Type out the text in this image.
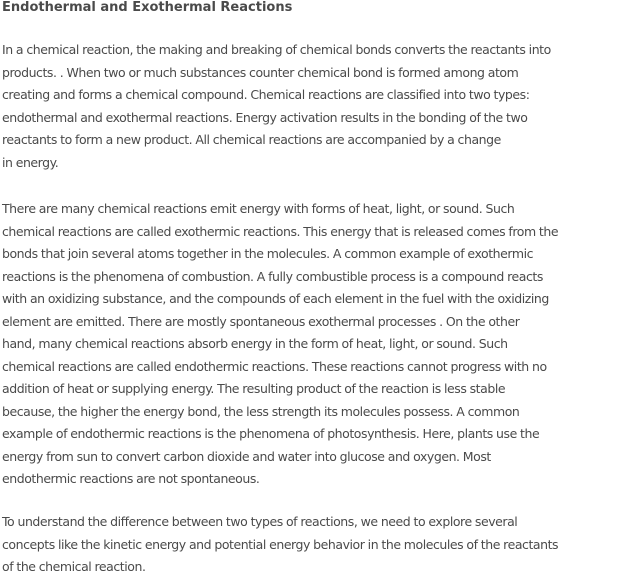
Endothermal and Exothermal Reactions
In a chemical reaction, the making and breaking of chemical bonds converts the reactants into
products. . When two or much substances counter chemical bond is formed among atom
creating and forms a chemical compound. Chemical reactions are classified into two types:
endothermal and exothermal reactions. Energy activation results in the bonding of the two
reactants to form a new product. All chemical reactions are accompanied by a change
in energy.
There are many chemical reactions emit energy with forms of heat, light, or sound. Such
chemical reactions are called exothermic reactions. This energy that is released comes from the
bonds that join several atoms together in the molecules. A common example of exothermic
reactions is the phenomena of combustion. A fully combustible process is a compound reacts
with an oxidizing substance, and the compounds of each element in the fuel with the oxidizing
element are emitted. There are mostly spontaneous exothermal processes . On the other
hand, many chemical reactions absorb energy in the form of heat, light, or sound. Such
chemical reactions are called endothermic reactions. These reactions cannot progress with no
addition of heat or supplying energy. The resulting product of the reaction is less stable
because, the higher the energy bond, the less strength its molecules possess. A common
example of endothermic reactions is the phenomena of photosynthesis. Here, plants use the
energy from sun to convert carbon dioxide and water into glucose and oxygen. Most
endothermic reactions are not spontaneous.
To understand the difference between two types of reactions, we need to explore several
concepts like the kinetic energy and potential energy behavior in the molecules of the reactants
of the chemical reaction.
